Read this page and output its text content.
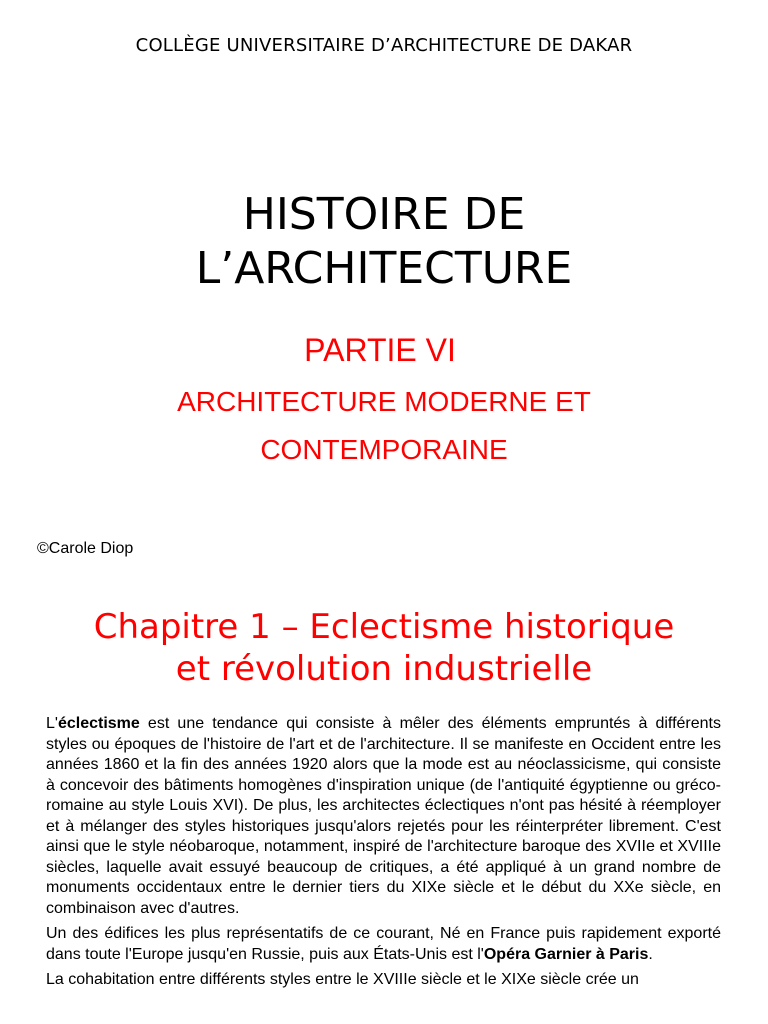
COLLÈGE UNIVERSITAIRE D’ARCHITECTURE DE DAKAR
HISTOIRE DE
L’ARCHITECTURE
PARTIE VI
ARCHITECTURE MODERNE ET
CONTEMPORAINE
©Carole Diop
Chapitre 1 – Eclectisme historique
et révolution industrielle

L'éclectisme est une tendance qui consiste à mêler des éléments empruntés à différents styles ou époques de l'histoire de l'art et de l'architecture. Il se manifeste en Occident entre les années 1860 et la fin des années 1920 alors que la mode est au néoclassicisme, qui consiste à concevoir des bâtiments homogènes d'inspiration unique (de l'antiquité égyptienne ou gréco-romaine au style Louis XVI). De plus, les architectes éclectiques n'ont pas hésité à réemployer et à mélanger des styles historiques jusqu'alors rejetés pour les réinterpréter librement. C'est ainsi que le style néobaroque, notamment, inspiré de l'architecture baroque des XVIIe et XVIIIe siècles, laquelle avait essuyé beaucoup de critiques, a été appliqué à un grand nombre de monuments occidentaux entre le dernier tiers du XIXe siècle et le début du XXe siècle, en combinaison avec d'autres.

Un des édifices les plus représentatifs de ce courant, Né en France puis rapidement exporté dans toute l'Europe jusqu'en Russie, puis aux États-Unis est l'Opéra Garnier à Paris.

La cohabitation entre différents styles entre le XVIIIe siècle et le XIXe siècle crée un
